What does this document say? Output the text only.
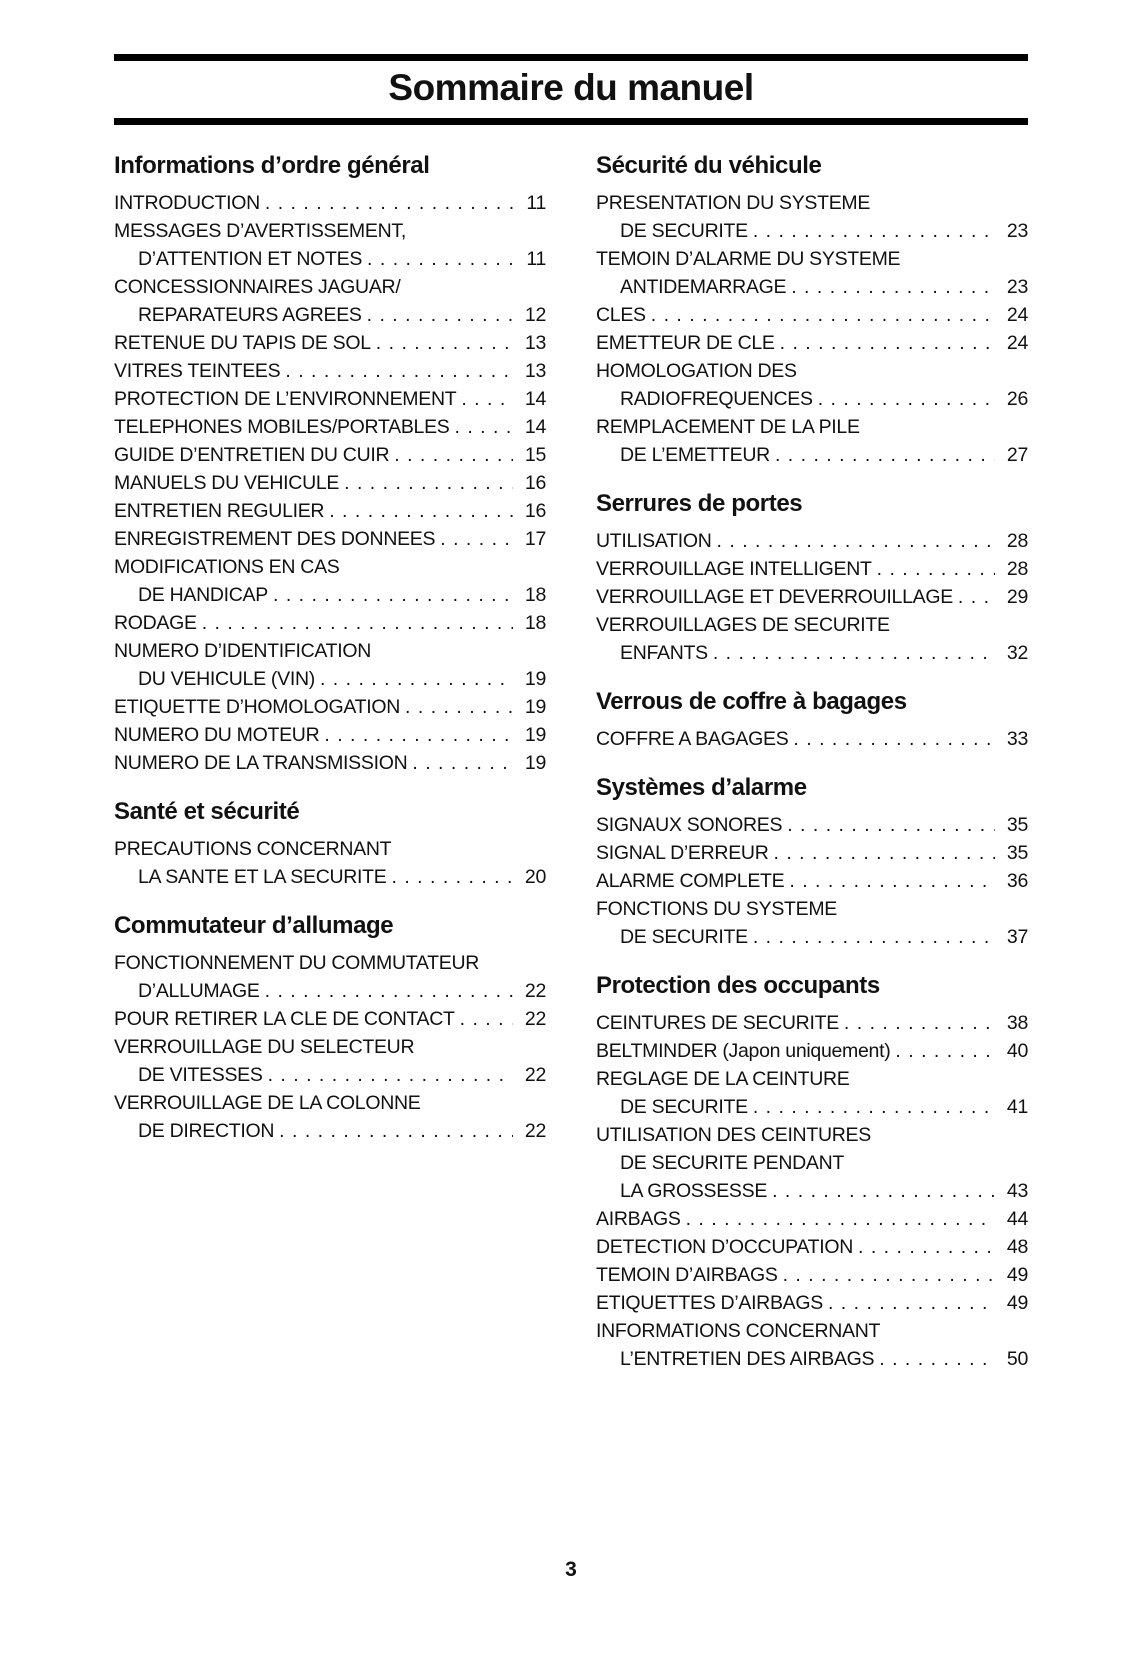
Sommaire du manuel
Informations d’ordre général
INTRODUCTION . . .	11
MESSAGES D’AVERTISSEMENT,
D’ATTENTION ET NOTES . . .	11
CONCESSIONNAIRES JAGUAR/
REPARATEURS AGREES . . .	12
RETENUE DU TAPIS DE SOL . . .	13
VITRES TEINTEES . . .	13
PROTECTION DE L’ENVIRONNEMENT . . .	14
TELEPHONES MOBILES/PORTABLES . . .	14
GUIDE D’ENTRETIEN DU CUIR . . .	15
MANUELS DU VEHICULE . . .	16
ENTRETIEN REGULIER . . .	16
ENREGISTREMENT DES DONNEES . . .	17
MODIFICATIONS EN CAS
DE HANDICAP . . .	18
RODAGE . . .	18
NUMERO D’IDENTIFICATION
DU VEHICULE (VIN) . . .	19
ETIQUETTE D’HOMOLOGATION . . .	19
NUMERO DU MOTEUR . . .	19
NUMERO DE LA TRANSMISSION . . .	19
Santé et sécurité
PRECAUTIONS CONCERNANT
LA SANTE ET LA SECURITE . . .	20
Commutateur d’allumage
FONCTIONNEMENT DU COMMUTATEUR
D’ALLUMAGE . . .	22
POUR RETIRER LA CLE DE CONTACT . . .	22
VERROUILLAGE DU SELECTEUR
DE VITESSES . . .	22
VERROUILLAGE DE LA COLONNE
DE DIRECTION . . .	22
Sécurité du véhicule
PRESENTATION DU SYSTEME
DE SECURITE . . .	23
TEMOIN D’ALARME DU SYSTEME
ANTIDEMARRAGE . . .	23
CLES . . .	24
EMETTEUR DE CLE . . .	24
HOMOLOGATION DES
RADIOFREQUENCES . . .	26
REMPLACEMENT DE LA PILE
DE L’EMETTEUR . . .	27
Serrures de portes
UTILISATION . . .	28
VERROUILLAGE INTELLIGENT . . .	28
VERROUILLAGE ET DEVERROUILLAGE . . .	29
VERROUILLAGES DE SECURITE
ENFANTS . . .	32
Verrous de coffre à bagages
COFFRE A BAGAGES . . .	33
Systèmes d’alarme
SIGNAUX SONORES . . .	35
SIGNAL D’ERREUR . . .	35
ALARME COMPLETE . . .	36
FONCTIONS DU SYSTEME
DE SECURITE . . .	37
Protection des occupants
CEINTURES DE SECURITE . . .	38
BELTMINDER (Japon uniquement) . . .	40
REGLAGE DE LA CEINTURE
DE SECURITE . . .	41
UTILISATION DES CEINTURES
DE SECURITE PENDANT
LA GROSSESSE . . .	43
AIRBAGS . . .	44
DETECTION D’OCCUPATION . . .	48
TEMOIN D’AIRBAGS . . .	49
ETIQUETTES D’AIRBAGS . . .	49
INFORMATIONS CONCERNANT
L’ENTRETIEN DES AIRBAGS . . .	50
3
